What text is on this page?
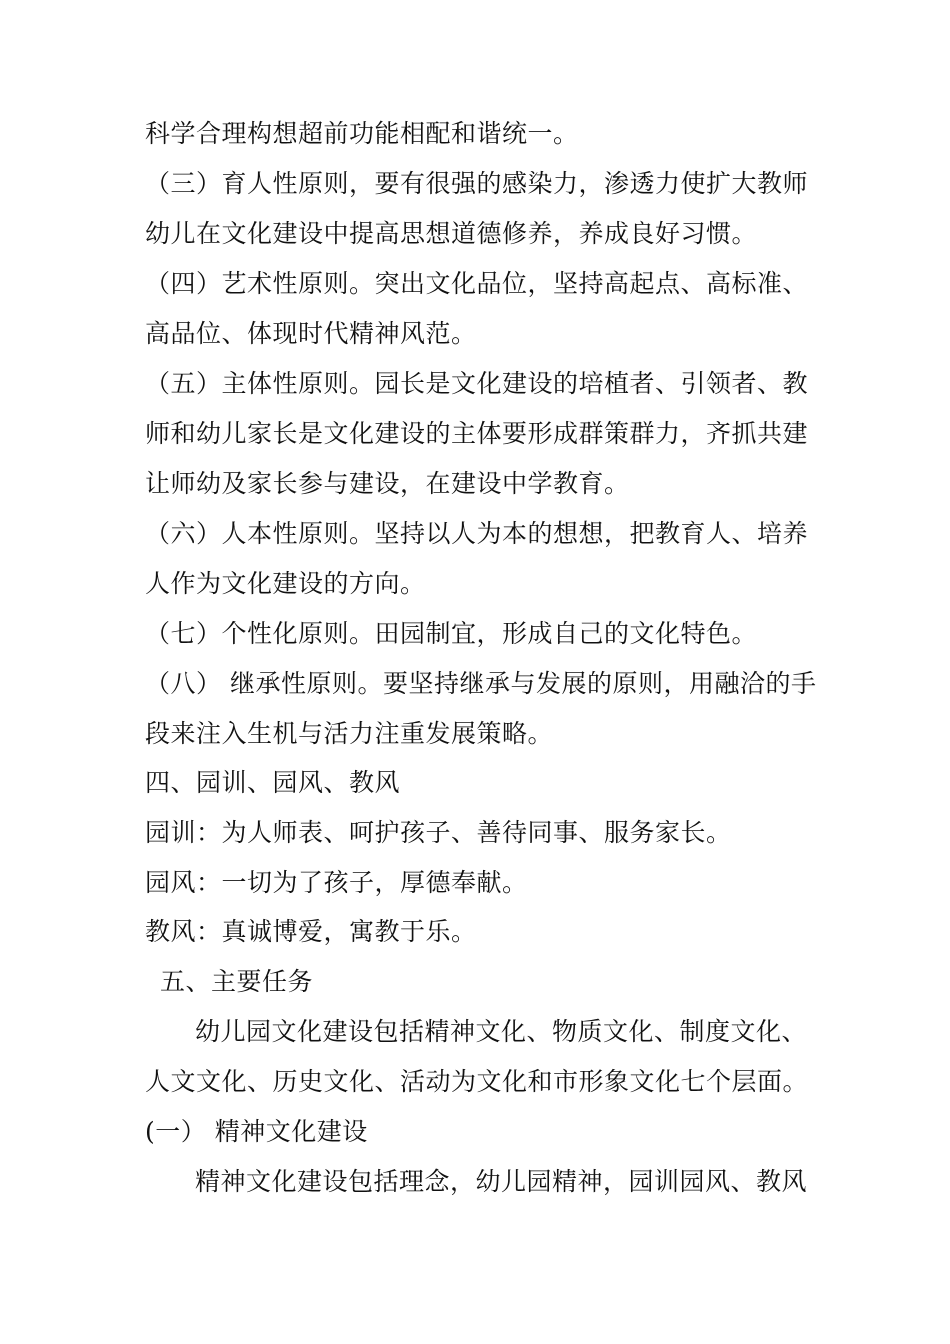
科学合理构想超前功能相配和谐统一。
（三）育人性原则，要有很强的感染力，渗透力使扩大教师
幼儿在文化建设中提高思想道德修养，养成良好习惯。
（四）艺术性原则。突出文化品位，坚持高起点、高标准、
高品位、体现时代精神风范。
（五）主体性原则。园长是文化建设的培植者、引领者、教
师和幼儿家长是文化建设的主体要形成群策群力，齐抓共建
让师幼及家长参与建设，在建设中学教育。
（六）人本性原则。坚持以人为本的想想，把教育人、培养
人作为文化建设的方向。
（七）个性化原则。田园制宜，形成自己的文化特色。
（八） 继承性原则。要坚持继承与发展的原则，用融洽的手
段来注入生机与活力注重发展策略。
四、园训、园风、教风
园训：为人师表、呵护孩子、善待同事、服务家长。
园风：一切为了孩子，厚德奉献。
教风：真诚博爱，寓教于乐。
五、主要任务
幼儿园文化建设包括精神文化、物质文化、制度文化、
人文文化、历史文化、活动为文化和市形象文化七个层面。
(一） 精神文化建设
精神文化建设包括理念，幼儿园精神，园训园风、教风
